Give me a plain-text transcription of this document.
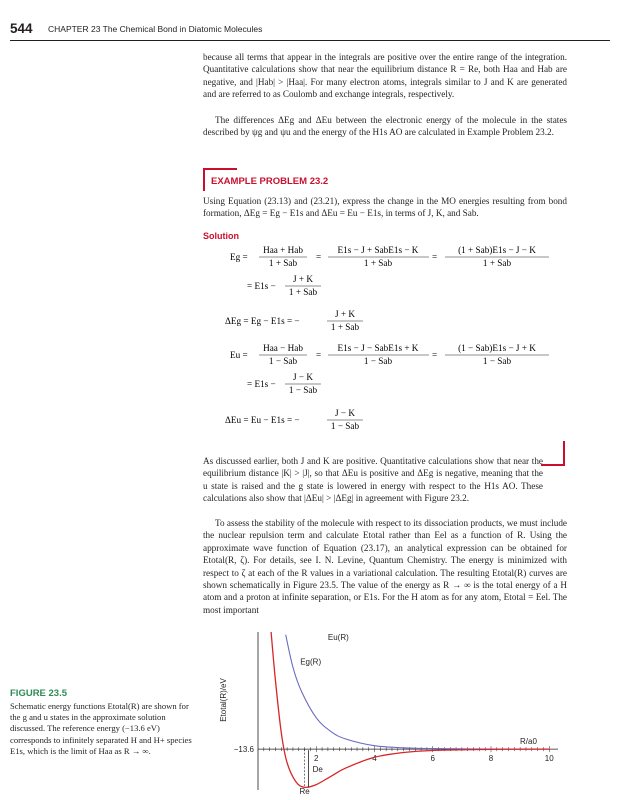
544 CHAPTER 23 The Chemical Bond in Diatomic Molecules

because all terms that appear in the integrals are positive over the entire range of the integration. Quantitative calculations show that near the equilibrium distance R = Re, both Haa and Hab are negative, and |Hab| > |Haa|. For many electron atoms, integrals similar to J and K are generated and are referred to as Coulomb and exchange integrals, respectively.

The differences ΔEg and ΔEu between the electronic energy of the molecule in the states described by ψg and ψu and the energy of the H1s AO are calculated in Example Problem 23.2.

EXAMPLE PROBLEM 23.2

Using Equation (23.13) and (23.21), express the change in the MO energies resulting from bond formation, ΔEg = Eg − E1s and ΔEu = Eu − E1s, in terms of J, K, and Sab.

Solution
Eg =
Haa + Hab
1 + Sab
=
E1s − J + SabE1s − K
1 + Sab
=
(1 + Sab)E1s − J − K
1 + Sab
= E1s −
J + K
1 + Sab
ΔEg = Eg − E1s = −
J + K
1 + Sab
Eu =
Haa − Hab
1 − Sab
=
E1s − J − SabE1s + K
1 − Sab
=
(1 − Sab)E1s − J + K
1 − Sab
= E1s −
J − K
1 − Sab
ΔEu = Eu − E1s = −
J − K
1 − Sab

As discussed earlier, both J and K are positive. Quantitative calculations show that near the equilibrium distance |K| > |J|, so that ΔEu is positive and ΔEg is negative, meaning that the u state is raised and the g state is lowered in energy with respect to the H1s AO. These calculations also show that |ΔEu| > |ΔEg| in agreement with Figure 23.2.

To assess the stability of the molecule with respect to its dissociation products, we must include the nuclear repulsion term and calculate Etotal rather than Eel as a function of R. Using the approximate wave function of Equation (23.17), an analytical expression can be obtained for Etotal(R, ζ). For details, see I. N. Levine, Quantum Chemistry. The energy is minimized with respect to ζ at each of the R values in a variational calculation. The resulting Etotal(R) curves are shown schematically in Figure 23.5. The value of the energy as R → ∞ is the total energy of a H atom and a proton at infinite separation, or E1s. For the H atom as for any atom, Etotal = Eel. The most important

FIGURE 23.5
Schematic energy functions Etotal(R) are shown for the g and u states in the approximate solution discussed. The reference energy (−13.6 eV) corresponds to infinitely separated H and H+ species E1s, which is the limit of Haa as R → ∞.
2	4	6	8	10
Etotal(R)/eV
R/a0
−13.6
Eu(R)
Eg(R)
De
Re
